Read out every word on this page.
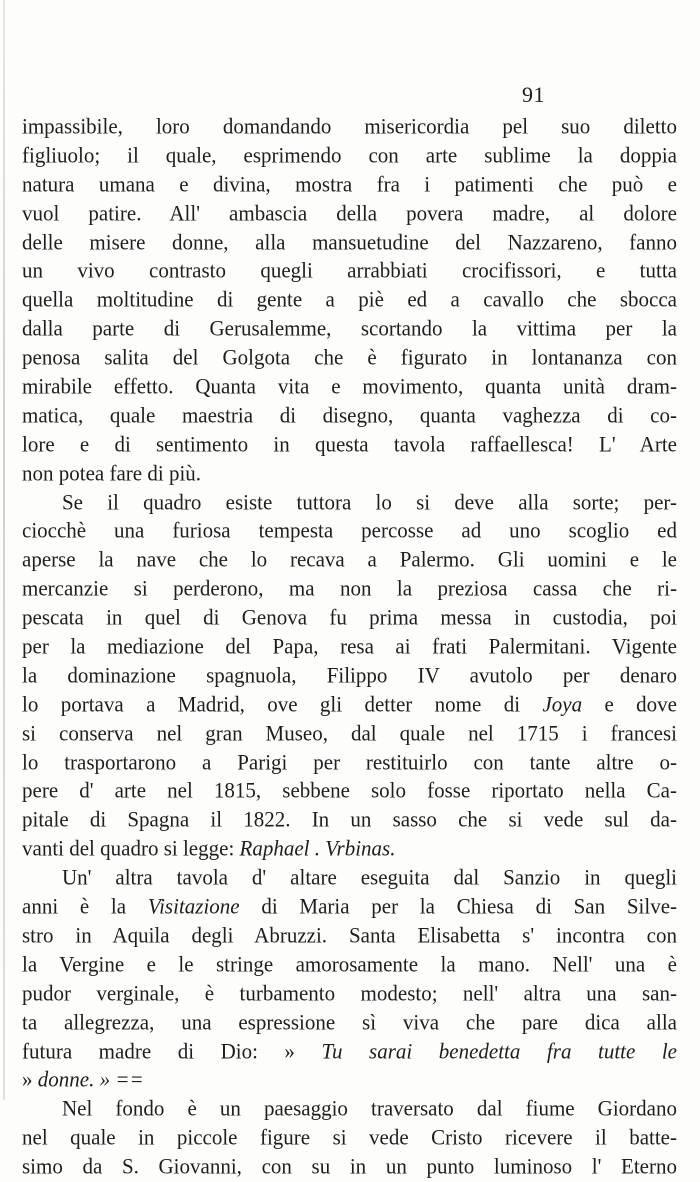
91
impassibile, loro domandando misericordia pel suo diletto
figliuolo; il quale, esprimendo con arte sublime la doppia
natura umana e divina, mostra fra i patimenti che può e
vuol patire. All' ambascia della povera madre, al dolore
delle misere donne, alla mansuetudine del Nazzareno, fanno
un vivo contrasto quegli arrabbiati crocifissori, e tutta
quella moltitudine di gente a piè ed a cavallo che sbocca
dalla parte di Gerusalemme, scortando la vittima per la
penosa salita del Golgota che è figurato in lontananza con
mirabile effetto. Quanta vita e movimento, quanta unità dram-
matica, quale maestria di disegno, quanta vaghezza di co-
lore e di sentimento in questa tavola raffaellesca! L' Arte
non potea fare di più.
Se il quadro esiste tuttora lo si deve alla sorte; per-
ciocchè una furiosa tempesta percosse ad uno scoglio ed
aperse la nave che lo recava a Palermo. Gli uomini e le
mercanzie si perderono, ma non la preziosa cassa che ri-
pescata in quel di Genova fu prima messa in custodia, poi
per la mediazione del Papa, resa ai frati Palermitani. Vigente
la dominazione spagnuola, Filippo IV avutolo per denaro
lo portava a Madrid, ove gli detter nome di Joya e dove
si conserva nel gran Museo, dal quale nel 1715 i francesi
lo trasportarono a Parigi per restituirlo con tante altre o-
pere d' arte nel 1815, sebbene solo fosse riportato nella Ca-
pitale di Spagna il 1822. In un sasso che si vede sul da-
vanti del quadro si legge: Raphael . Vrbinas.
Un' altra tavola d' altare eseguita dal Sanzio in quegli
anni è la Visitazione di Maria per la Chiesa di San Silve-
stro in Aquila degli Abruzzi. Santa Elisabetta s' incontra con
la Vergine e le stringe amorosamente la mano. Nell' una è
pudor verginale, è turbamento modesto; nell' altra una san-
ta allegrezza, una espressione sì viva che pare dica alla
futura madre di Dio: » Tu sarai benedetta fra tutte le
» donne. » ==
Nel fondo è un paesaggio traversato dal fiume Giordano
nel quale in piccole figure si vede Cristo ricevere il batte-
simo da S. Giovanni, con su in un punto luminoso l' Eterno
